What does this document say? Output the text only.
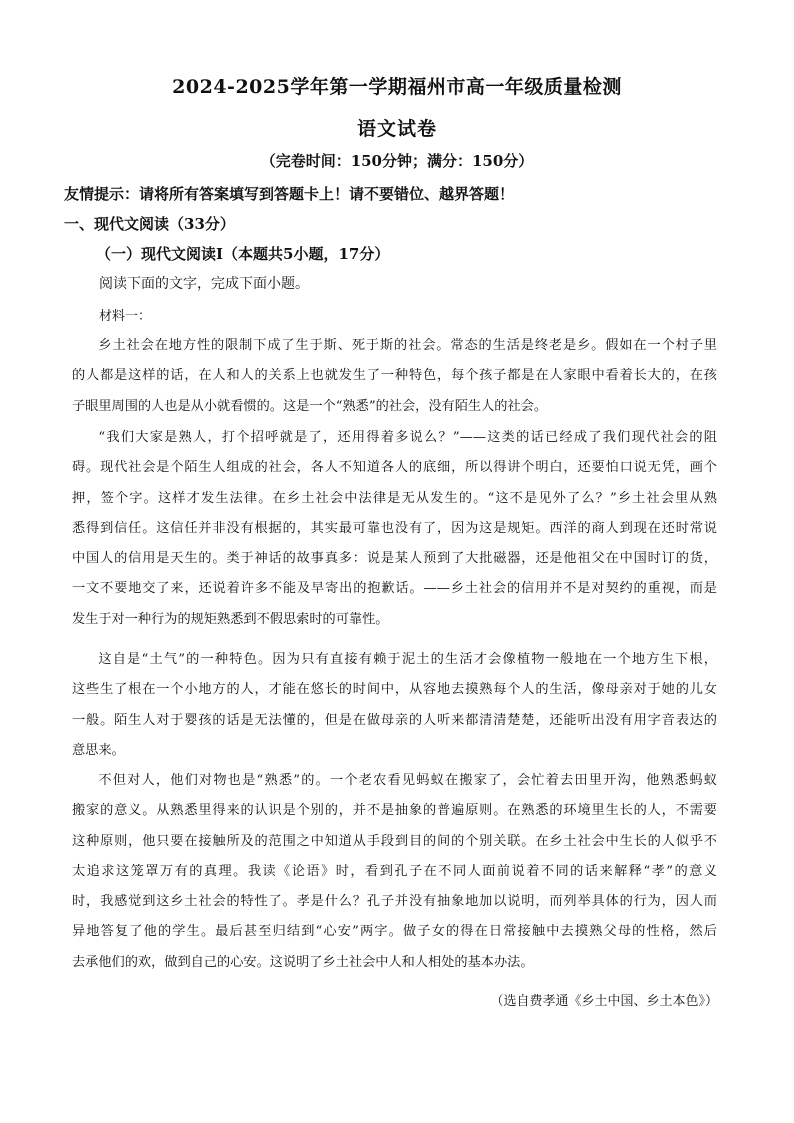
2024-2025学年第一学期福州市高一年级质量检测
语文试卷
（完卷时间：150分钟；满分：150分）
友情提示：请将所有答案填写到答题卡上！请不要错位、越界答题！
一、现代文阅读（33分）
（一）现代文阅读Ⅰ（本题共5小题，17分）
阅读下面的文字，完成下面小题。
材料一：

乡土社会在地方性的限制下成了生于斯、死于斯的社会。常态的生活是终老是乡。假如在一个村子里

的人都是这样的话，在人和人的关系上也就发生了一种特色，每个孩子都是在人家眼中看着长大的，在孩

子眼里周围的人也是从小就看惯的。这是一个“熟悉”的社会，没有陌生人的社会。

“我们大家是熟人，打个招呼就是了，还用得着多说么？”——这类的话已经成了我们现代社会的阻

碍。现代社会是个陌生人组成的社会，各人不知道各人的底细，所以得讲个明白，还要怕口说无凭，画个

押，签个字。这样才发生法律。在乡土社会中法律是无从发生的。“这不是见外了么？”乡土社会里从熟

悉得到信任。这信任并非没有根据的，其实最可靠也没有了，因为这是规矩。西洋的商人到现在还时常说

中国人的信用是天生的。类于神话的故事真多：说是某人预到了大批磁器，还是他祖父在中国时订的货，

一文不要地交了来，还说着许多不能及早寄出的抱歉话。——乡土社会的信用并不是对契约的重视，而是

发生于对一种行为的规矩熟悉到不假思索时的可靠性。

这自是“土气”的一种特色。因为只有直接有赖于泥土的生活才会像植物一般地在一个地方生下根，

这些生了根在一个小地方的人，才能在悠长的时间中，从容地去摸熟每个人的生活，像母亲对于她的儿女

一般。陌生人对于婴孩的话是无法懂的，但是在做母亲的人听来都清清楚楚，还能听出没有用字音表达的

意思来。

不但对人，他们对物也是“熟悉”的。一个老农看见蚂蚁在搬家了，会忙着去田里开沟，他熟悉蚂蚁

搬家的意义。从熟悉里得来的认识是个别的，并不是抽象的普遍原则。在熟悉的环境里生长的人，不需要

这种原则，他只要在接触所及的范围之中知道从手段到目的间的个别关联。在乡土社会中生长的人似乎不

太追求这笼罩万有的真理。我读《论语》时，看到孔子在不同人面前说着不同的话来解释“孝”的意义

时，我感觉到这乡土社会的特性了。孝是什么？孔子并没有抽象地加以说明，而列举具体的行为，因人而

异地答复了他的学生。最后甚至归结到“心安”两字。做子女的得在日常接触中去摸熟父母的性格，然后

去承他们的欢，做到自己的心安。这说明了乡土社会中人和人相处的基本办法。

（选自费孝通《乡土中国、乡土本色》）
